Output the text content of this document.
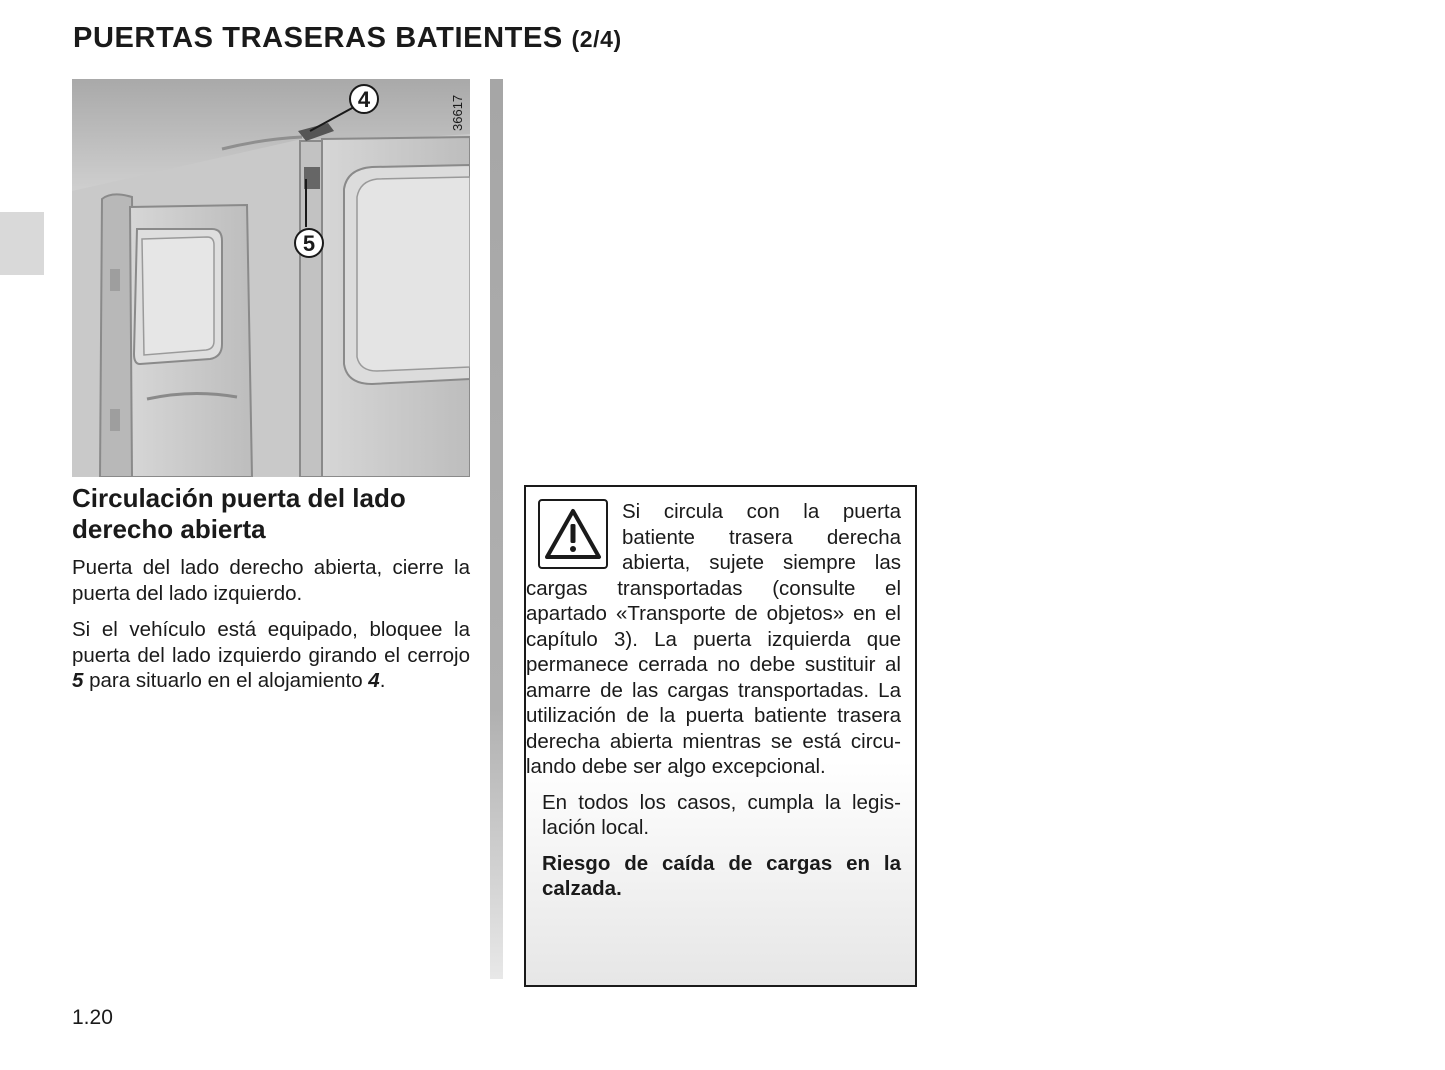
PUERTAS TRASERAS BATIENTES (2/4)
4
5
36617
Circulación puerta del lado derecho abierta

Puerta del lado derecho abierta, cierre la puerta del lado izquierdo.

Si el vehículo está equipado, bloquee la puerta del lado izquierdo girando el cerrojo 5 para situarlo en el alojamiento 4.

Si circula con la puerta batiente trasera derecha abierta, sujete siempre las cargas transportadas (consulte el apartado «Transporte de objetos» en el capítulo 3). La puerta izquierda que permanece cerrada no debe sustituir al amarre de las cargas transportadas. La utilización de la puerta batiente trasera derecha abierta mientras se está circulando debe ser algo excepcional.

En todos los casos, cumpla la legislación local.

Riesgo de caída de cargas en la calzada.

1.20
